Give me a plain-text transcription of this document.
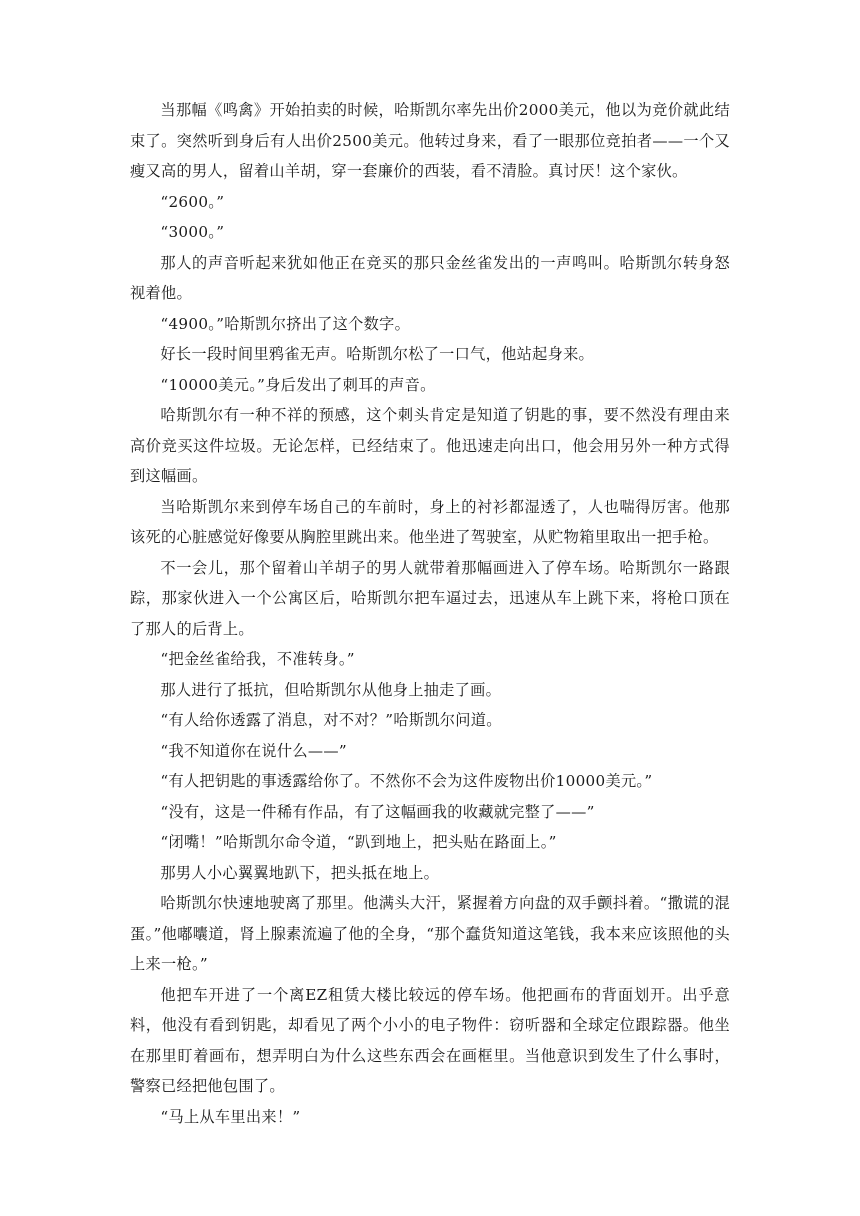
当那幅《鸣禽》开始拍卖的时候，哈斯凯尔率先出价2000美元，他以为竞价就此结束了。突然听到身后有人出价2500美元。他转过身来，看了一眼那位竞拍者——一个又瘦又高的男人，留着山羊胡，穿一套廉价的西装，看不清脸。真讨厌！这个家伙。

“2600。”

“3000。”

那人的声音听起来犹如他正在竞买的那只金丝雀发出的一声鸣叫。哈斯凯尔转身怒视着他。

“4900。”哈斯凯尔挤出了这个数字。

好长一段时间里鸦雀无声。哈斯凯尔松了一口气，他站起身来。

“10000美元。”身后发出了刺耳的声音。

哈斯凯尔有一种不祥的预感，这个刺头肯定是知道了钥匙的事，要不然没有理由来高价竞买这件垃圾。无论怎样，已经结束了。他迅速走向出口，他会用另外一种方式得到这幅画。

当哈斯凯尔来到停车场自己的车前时，身上的衬衫都湿透了，人也喘得厉害。他那该死的心脏感觉好像要从胸腔里跳出来。他坐进了驾驶室，从贮物箱里取出一把手枪。

不一会儿，那个留着山羊胡子的男人就带着那幅画进入了停车场。哈斯凯尔一路跟踪，那家伙进入一个公寓区后，哈斯凯尔把车逼过去，迅速从车上跳下来，将枪口顶在了那人的后背上。

“把金丝雀给我，不准转身。”

那人进行了抵抗，但哈斯凯尔从他身上抽走了画。

“有人给你透露了消息，对不对？”哈斯凯尔问道。

“我不知道你在说什么——”

“有人把钥匙的事透露给你了。不然你不会为这件废物出价10000美元。”

“没有，这是一件稀有作品，有了这幅画我的收藏就完整了——”

“闭嘴！”哈斯凯尔命令道，“趴到地上，把头贴在路面上。”

那男人小心翼翼地趴下，把头抵在地上。

哈斯凯尔快速地驶离了那里。他满头大汗，紧握着方向盘的双手颤抖着。“撒谎的混蛋。”他嘟囔道，肾上腺素流遍了他的全身，“那个蠢货知道这笔钱，我本来应该照他的头上来一枪。”

他把车开进了一个离EZ租赁大楼比较远的停车场。他把画布的背面划开。出乎意料，他没有看到钥匙，却看见了两个小小的电子物件：窃听器和全球定位跟踪器。他坐在那里盯着画布，想弄明白为什么这些东西会在画框里。当他意识到发生了什么事时，警察已经把他包围了。

“马上从车里出来！”
